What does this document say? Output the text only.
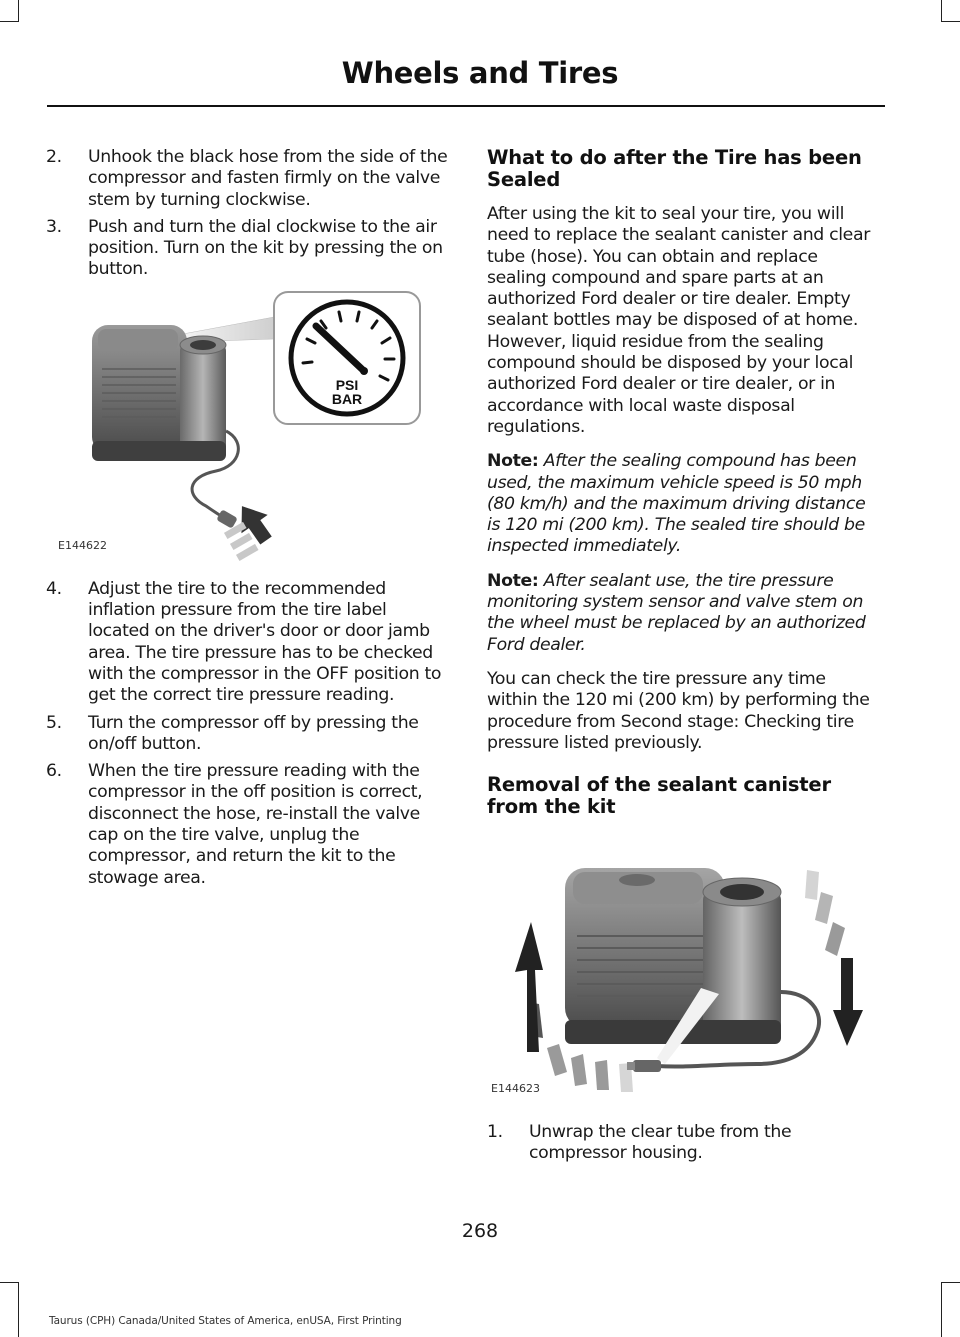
Wheels and Tires
2. Unhook the black hose from the side of the compressor and fasten firmly on the valve stem by turning clockwise.
3. Push and turn the dial clockwise to the air position. Turn on the kit by pressing the on button.
PSI
BAR
E144622
4. Adjust the tire to the recommended inflation pressure from the tire label located on the driver's door or door jamb area. The tire pressure has to be checked with the compressor in the OFF position to get the correct tire pressure reading.
5. Turn the compressor off by pressing the on/off button.
6. When the tire pressure reading with the compressor in the off position is correct, disconnect the hose, re-install the valve cap on the tire valve, unplug the compressor, and return the kit to the stowage area.
What to do after the Tire has been Sealed

After using the kit to seal your tire, you will need to replace the sealant canister and clear tube (hose). You can obtain and replace sealing compound and spare parts at an authorized Ford dealer or tire dealer. Empty sealant bottles may be disposed of at home. However, liquid residue from the sealing compound should be disposed by your local authorized Ford dealer or tire dealer, or in accordance with local waste disposal regulations.

Note: After the sealing compound has been used, the maximum vehicle speed is 50 mph (80 km/h) and the maximum driving distance is 120 mi (200 km). The sealed tire should be inspected immediately.

Note: After sealant use, the tire pressure monitoring system sensor and valve stem on the wheel must be replaced by an authorized Ford dealer.

You can check the tire pressure any time within the 120 mi (200 km) by performing the procedure from Second stage: Checking tire pressure listed previously.

Removal of the sealant canister from the kit
E144623
1. Unwrap the clear tube from the compressor housing.
268
Taurus (CPH) Canada/United States of America, enUSA, First Printing
